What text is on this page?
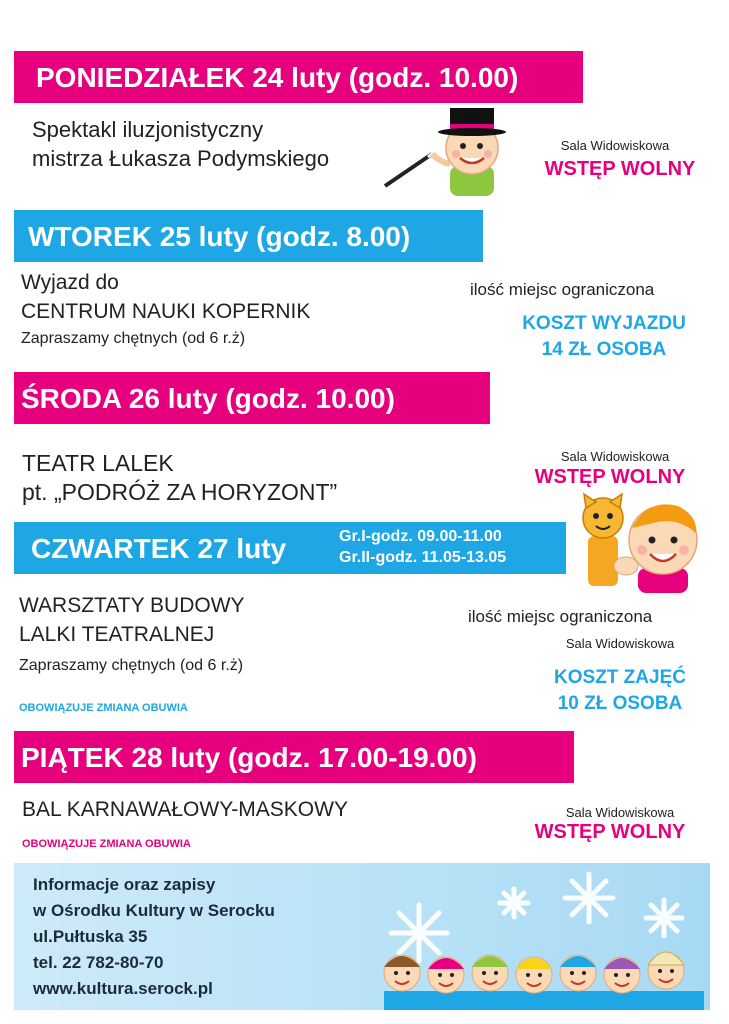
PONIEDZIAŁEK 24 luty (godz. 10.00)
Spektakl iluzjonistyczny
mistrza Łukasza Podymskiego
Sala Widowiskowa
WSTĘP WOLNY
WTOREK 25 luty (godz. 8.00)
Wyjazd do
CENTRUM NAUKI KOPERNIK
Zapraszamy chętnych (od 6 r.ż)
ilość miejsc ograniczona
KOSZT WYJAZDU
14 ZŁ OSOBA
ŚRODA 26 luty (godz. 10.00)
TEATR LALEK
pt. „PODRÓŻ ZA HORYZONT”
Sala Widowiskowa
WSTĘP WOLNY
CZWARTEK 27 luty	Gr.I-godz. 09.00-11.00
Gr.II-godz. 11.05-13.05
WARSZTATY BUDOWY
LALKI TEATRALNEJ
Zapraszamy chętnych (od 6 r.ż)
OBOWIĄZUJE ZMIANA OBUWIA
ilość miejsc ograniczona
Sala Widowiskowa
KOSZT ZAJĘĆ
10 ZŁ OSOBA
PIĄTEK 28 luty (godz. 17.00-19.00)
BAL KARNAWAŁOWY-MASKOWY
OBOWIĄZUJE ZMIANA OBUWIA
Sala Widowiskowa
WSTĘP WOLNY
Informacje oraz zapisy
w Ośrodku Kultury w Serocku
ul.Pułtuska 35
tel. 22 782-80-70
www.kultura.serock.pl
